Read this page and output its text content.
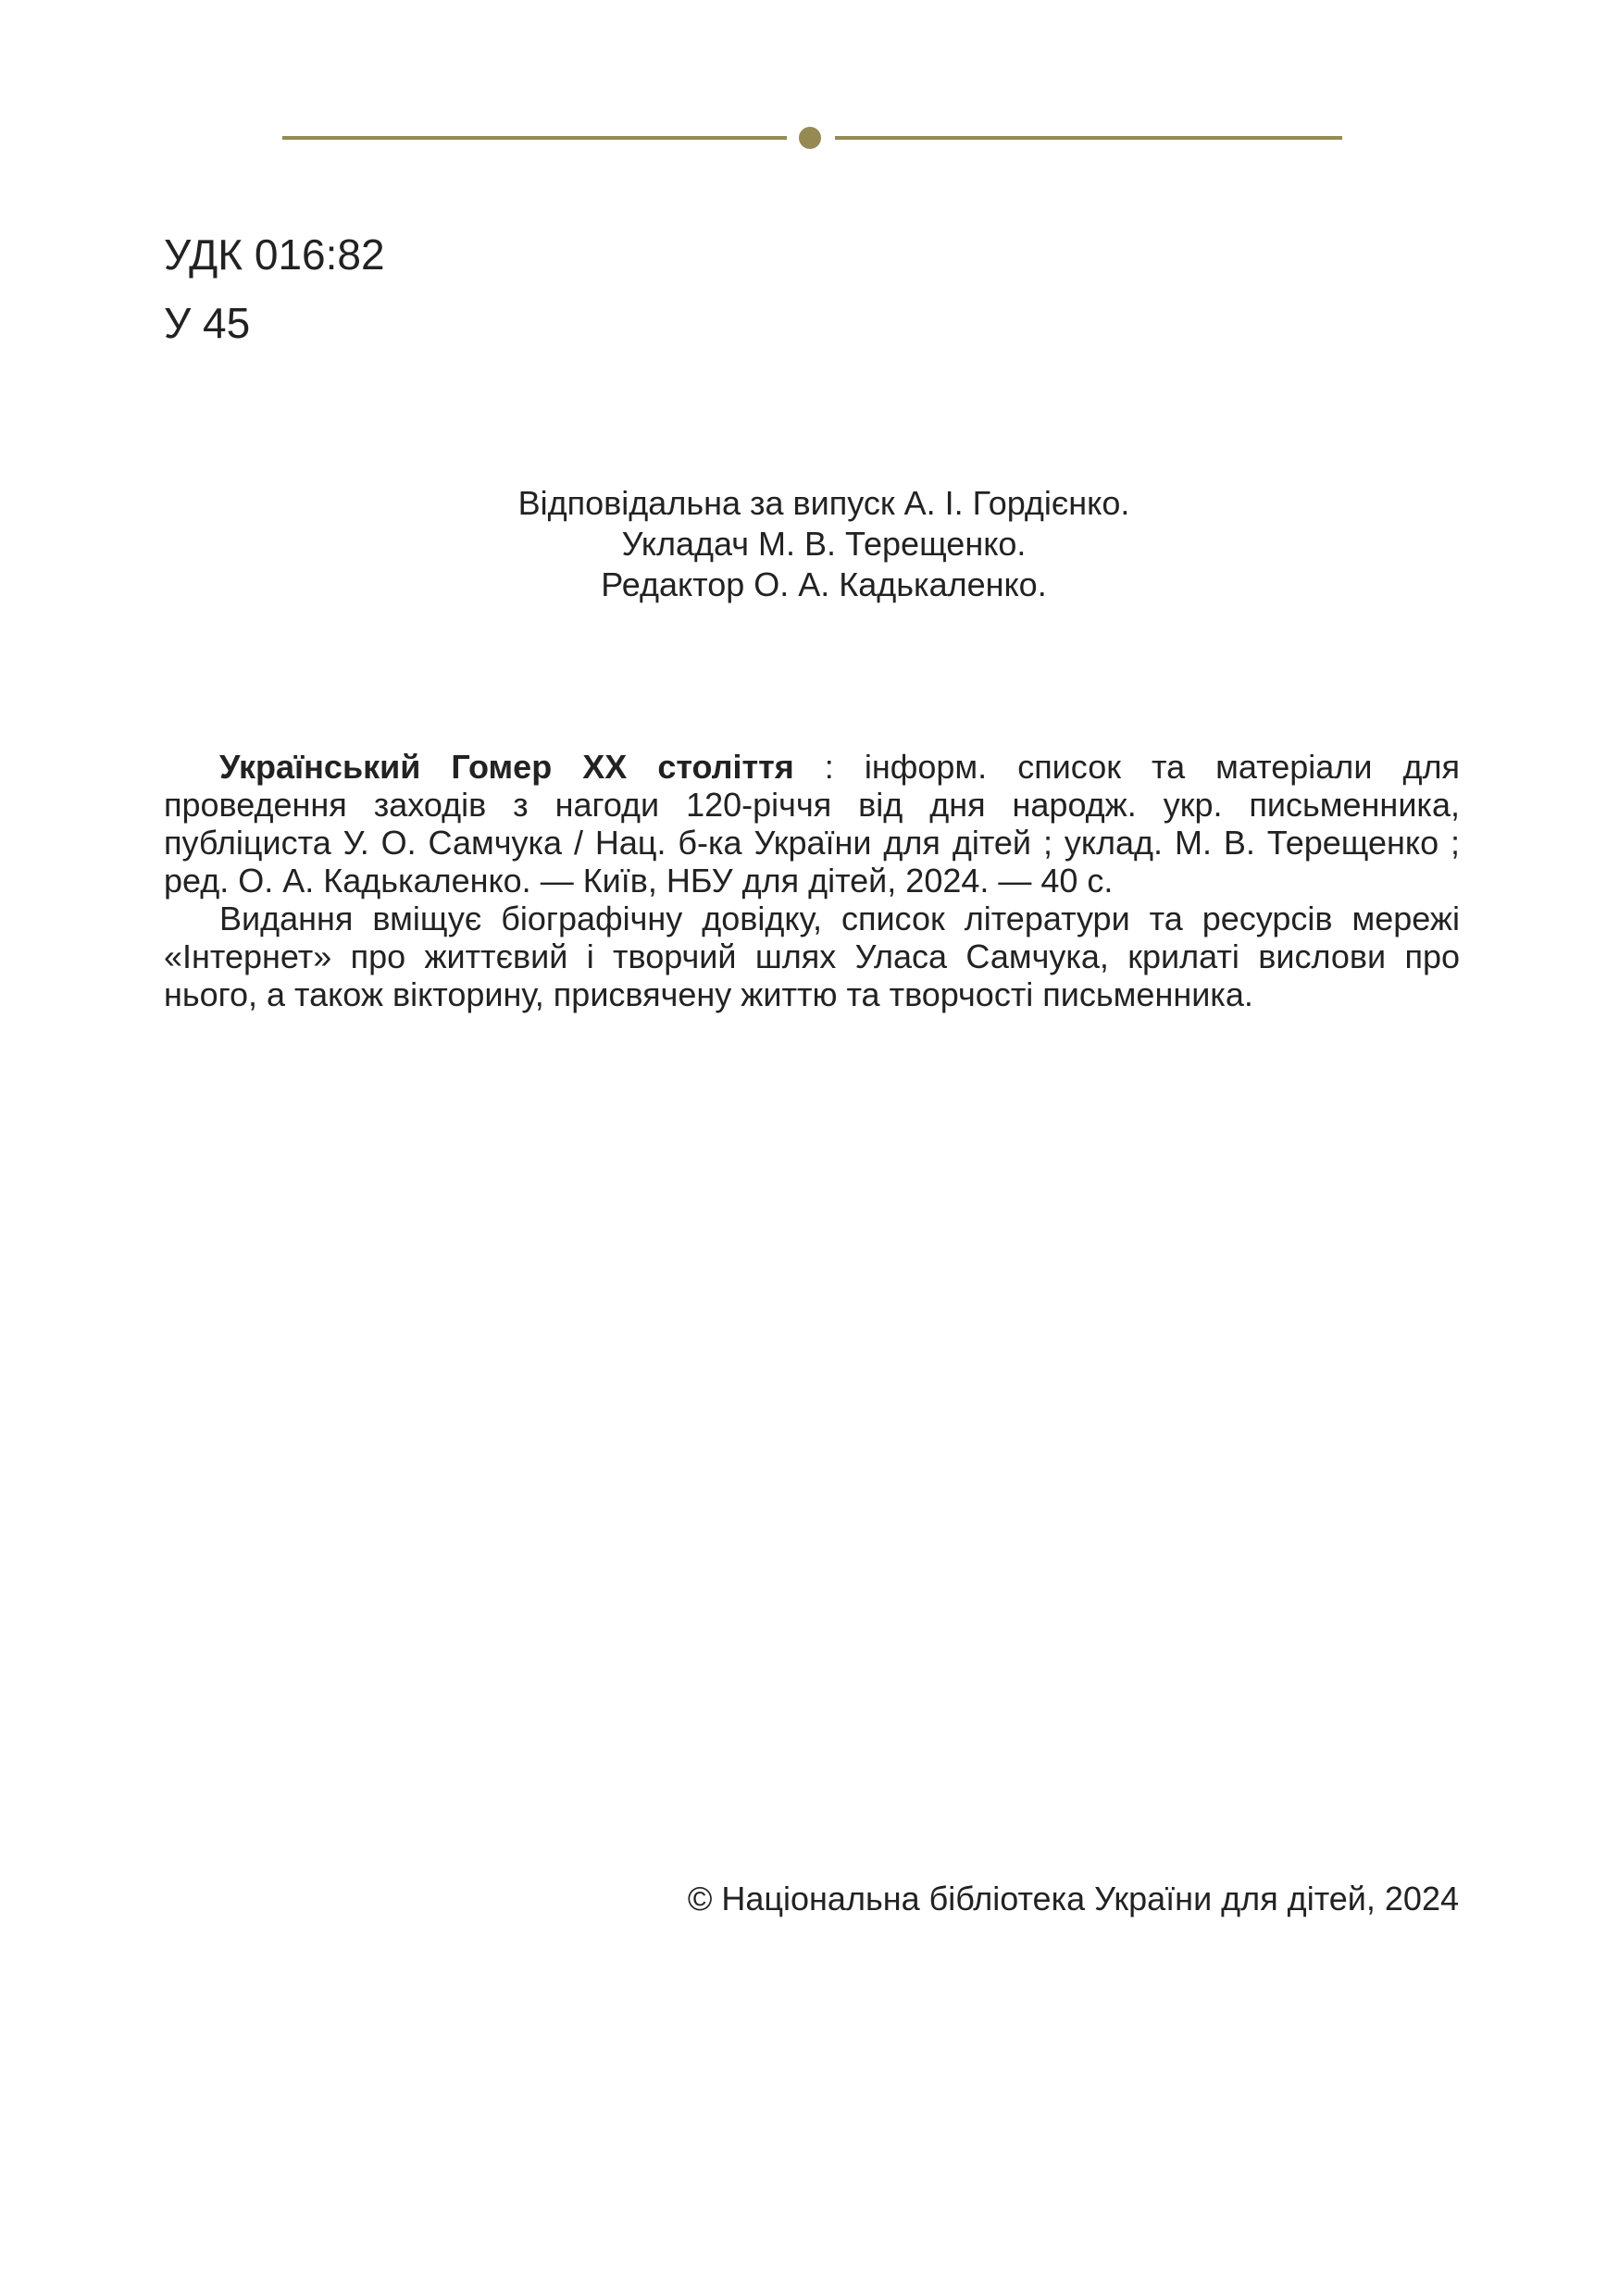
УДК 016:82
У 45
Відповідальна за випуск А. І. Гордієнко.
Укладач М. В. Терещенко.
Редактор О. А. Кадькаленко.

Український Гомер ХХ століття : інформ. список та матеріали для проведення заходів з нагоди 120-річчя від дня народж. укр. письменника, публіциста У. О. Самчука / Нац. б-ка України для дітей ; уклад. М. В. Терещенко ; ред. О. А. Кадькаленко. — Київ, НБУ для дітей, 2024. — 40 с.

Видання вміщує біографічну довідку, список літератури та ресурсів мережі «Інтернет» про життєвий і творчий шлях Уласа Самчука, крилаті вислови про нього, а також вікторину, присвячену життю та творчості письменника.

© Національна бібліотека України для дітей, 2024
